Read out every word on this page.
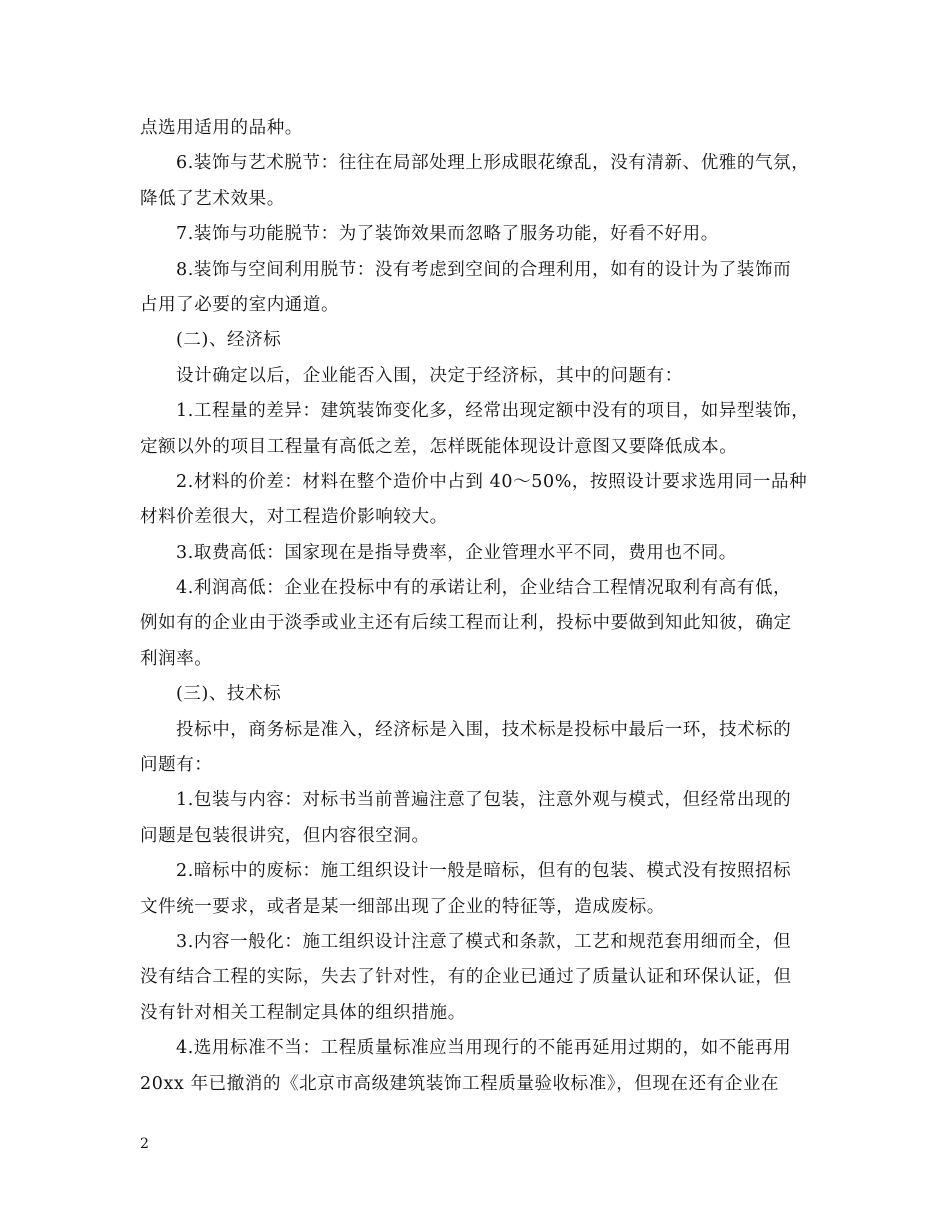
点选用适用的品种。
6.装饰与艺术脱节：往往在局部处理上形成眼花缭乱，没有清新、优雅的气氛，
降低了艺术效果。
7.装饰与功能脱节：为了装饰效果而忽略了服务功能，好看不好用。
8.装饰与空间利用脱节：没有考虑到空间的合理利用，如有的设计为了装饰而
占用了必要的室内通道。
(二)、经济标
设计确定以后，企业能否入围，决定于经济标，其中的问题有：
1.工程量的差异：建筑装饰变化多，经常出现定额中没有的项目，如异型装饰，
定额以外的项目工程量有高低之差，怎样既能体现设计意图又要降低成本。
2.材料的价差：材料在整个造价中占到 40～50%，按照设计要求选用同一品种
材料价差很大，对工程造价影响较大。
3.取费高低：国家现在是指导费率，企业管理水平不同，费用也不同。
4.利润高低：企业在投标中有的承诺让利，企业结合工程情况取利有高有低，
例如有的企业由于淡季或业主还有后续工程而让利，投标中要做到知此知彼，确定
利润率。
(三)、技术标
投标中，商务标是准入，经济标是入围，技术标是投标中最后一环，技术标的
问题有：
1.包装与内容：对标书当前普遍注意了包装，注意外观与模式，但经常出现的
问题是包装很讲究，但内容很空洞。
2.暗标中的废标：施工组织设计一般是暗标，但有的包装、模式没有按照招标
文件统一要求，或者是某一细部出现了企业的特征等，造成废标。
3.内容一般化：施工组织设计注意了模式和条款，工艺和规范套用细而全，但
没有结合工程的实际，失去了针对性，有的企业已通过了质量认证和环保认证，但
没有针对相关工程制定具体的组织措施。
4.选用标准不当：工程质量标准应当用现行的不能再延用过期的，如不能再用
20xx 年已撤消的《北京市高级建筑装饰工程质量验收标准》，但现在还有企业在
2
